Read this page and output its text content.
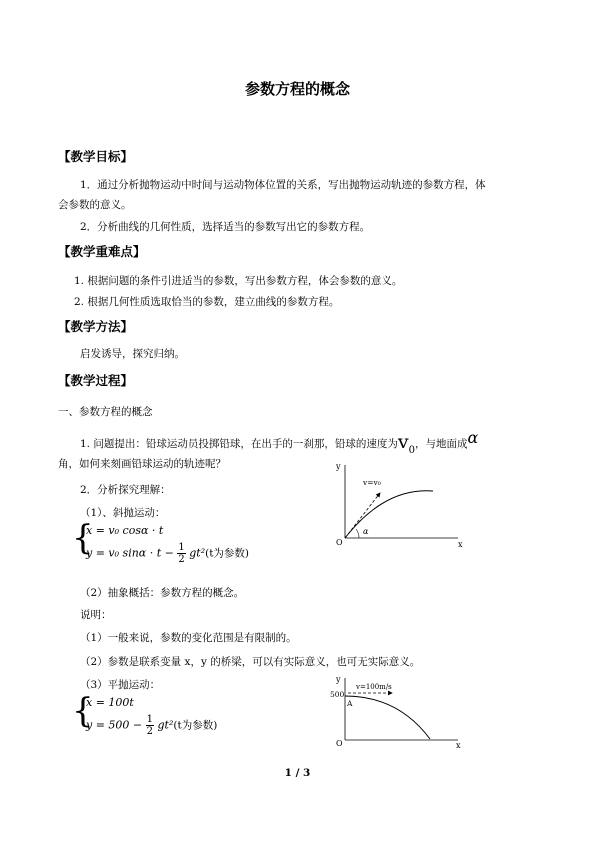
参数方程的概念
【教学目标】
1．通过分析抛物运动中时间与运动物体位置的关系，写出抛物运动轨迹的参数方程，体
会参数的意义。
2．分析曲线的几何性质，选择适当的参数写出它的参数方程。
【教学重难点】
1. 根据问题的条件引进适当的参数，写出参数方程，体会参数的意义。
2. 根据几何性质选取恰当的参数，建立曲线的参数方程。
【教学方法】
启发诱导，探究归纳。
【教学过程】
一、参数方程的概念
1. 问题提出：铅球运动员投掷铅球，在出手的一刹那，铅球的速度为$v_0$，与地面成α
角，如何来刻画铅球运动的轨迹呢？
2．分析探究理解：
（1）、斜抛运动：
{
x = v₀ cosα · t
y = v₀ $\sin\alpha \cdot t - \frac{1}{2} gt^2(t$为参数)
（2）抽象概括：参数方程的概念。
说明：
（1）一般来说，参数的变化范围是有限制的。
（2）参数是联系变量 x，y 的桥梁，可以有实际意义，也可无实际意义。
（3）平抛运动：
{
x = 100t
$y = 500 - \frac{1}{2} gt^2(t$为参数)
y
x
O
v=v₀
α
y
x
O
500
A
v=100m/s
1 / 3
